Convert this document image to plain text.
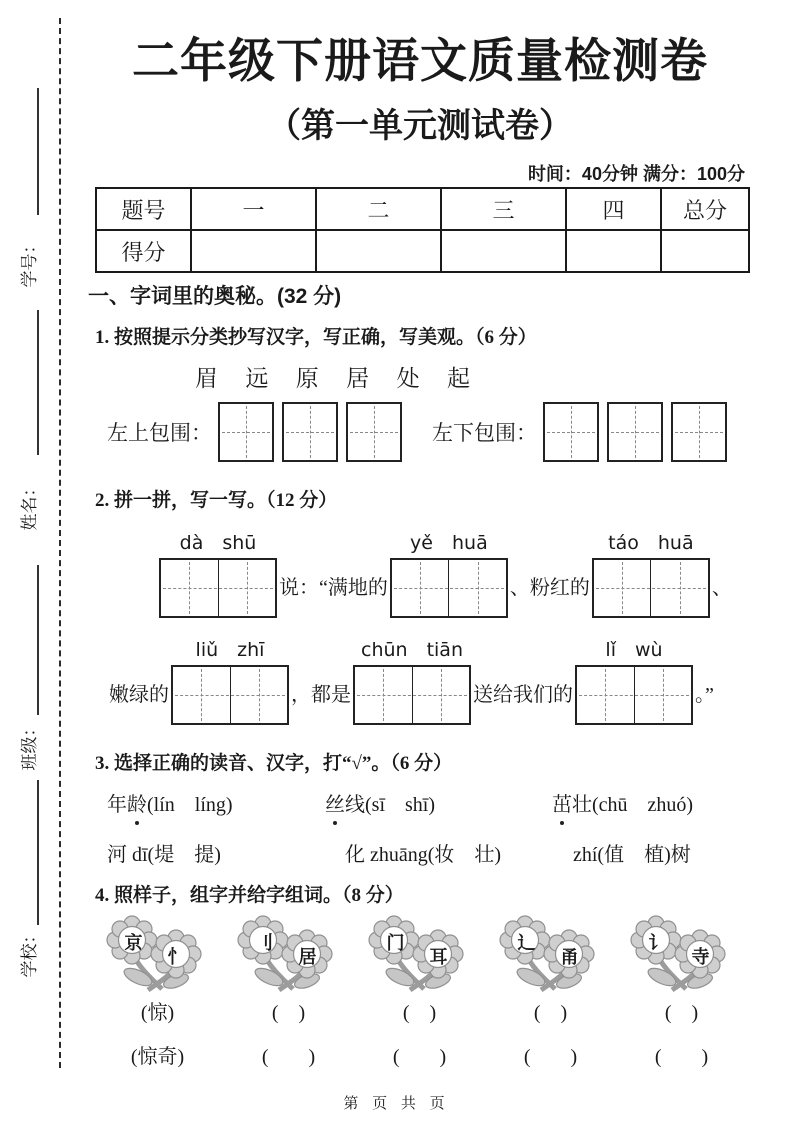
学号：
姓名：
班级：
学校：
二年级下册语文质量检测卷
（第一单元测试卷）
时间：40分钟 满分：100分
题号	一	二	三	四	总分
得分					
一、字词里的奥秘。(32 分)
1. 按照提示分类抄写汉字，写正确，写美观。（6 分）
眉 远 原 居 处 起
左上包围：	左下包围：
2. 拼一拼，写一写。（12 分）
dà　shū
说：“满地的
yě　huā
、粉红的
táo　huā
、
嫩绿的
liǔ　zhī
，都是
chūn　tiān
送给我们的
lǐ　wù
。”
3. 选择正确的读音、汉字，打“√”。（6 分）
年龄(lín　líng)	丝线(sī　shī)	茁壮(chū　zhuó)
河 dī(堤　提)	化 zhuāng(妆　壮)	zhí(值　植)树
4. 照样子，组字并给字组词。（8 分）
京
忄
刂
居
门
耳
辶
甬
讠
寺
(惊)	(　)	(　)	(　)	(　)
(惊奇)	(　　)	(　　)	(　　)	(　　)
第 页 共 页
